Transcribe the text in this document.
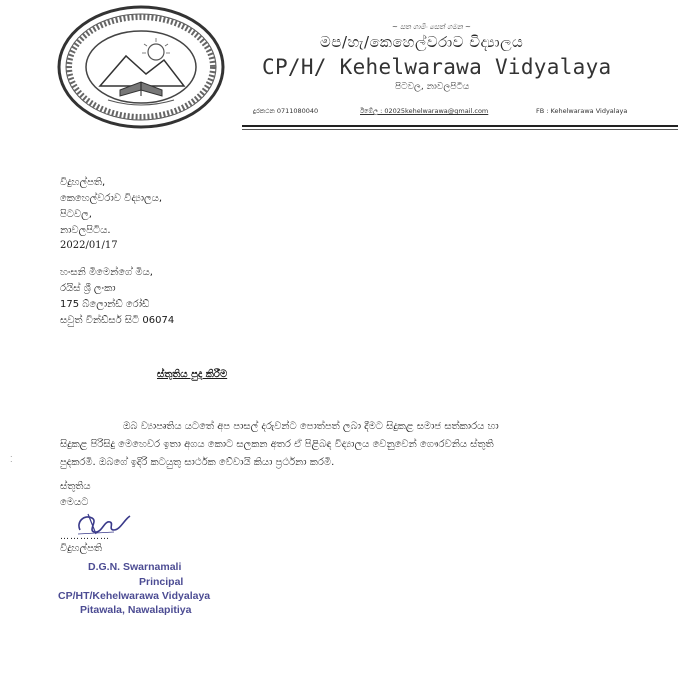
~ සත ගාමිං සෙත් ගමන ~
මප/හැ/කෙහෙල්වරාව විද්‍යාලය
CP/H/ Kehelwarawa Vidyalaya
පිටවල, නාවලපිටිය
දුරකථන 0711080040	ඊමේල : 02025kehelwarawa@gmail.com	FB : Kehelwarawa Vidyalaya
විදුහල්පති,
කෙහෙල්වරාව විද්‍යාලය,
පිටවල,
නාවලපිටිය.
2022/01/17
හංසනි මිමෙන්ගේ මිය,
රයිස් ශ්‍රී ලංකා
175 බ්ලොන්ඩ් රෝඩ්
සවුත් වින්ඩ්සර් සිටි 06074
ස්තුතිය පුද කිරීම
ඔබ ව්‍යාපෘතිය යටතේ අප පාසල් දරුවන්ට පොත්පත් ලබා දීමට සිදුකළ සමාජ සත්කාරය හා
සිදුකළ පිරිසිදු මෙහෙවර ඉතා අගය කොට සලකන අතර ඒ පිළිබඳ විද්‍යාලය වෙනුවෙන් ගෞරවනිය ස්තුති
පුදකරමි. ඔබගේ ඉදිරි කටයුතු සාර්ථක වේවායි කියා ප්‍රර්ථනා කරමි.
⁚
ස්තුතිය
මෙයට
……………
විදුහල්පති
D.G.N. Swarnamali
Principal
CP/HT/Kehelwarawa Vidyalaya
Pitawala, Nawalapitiya
